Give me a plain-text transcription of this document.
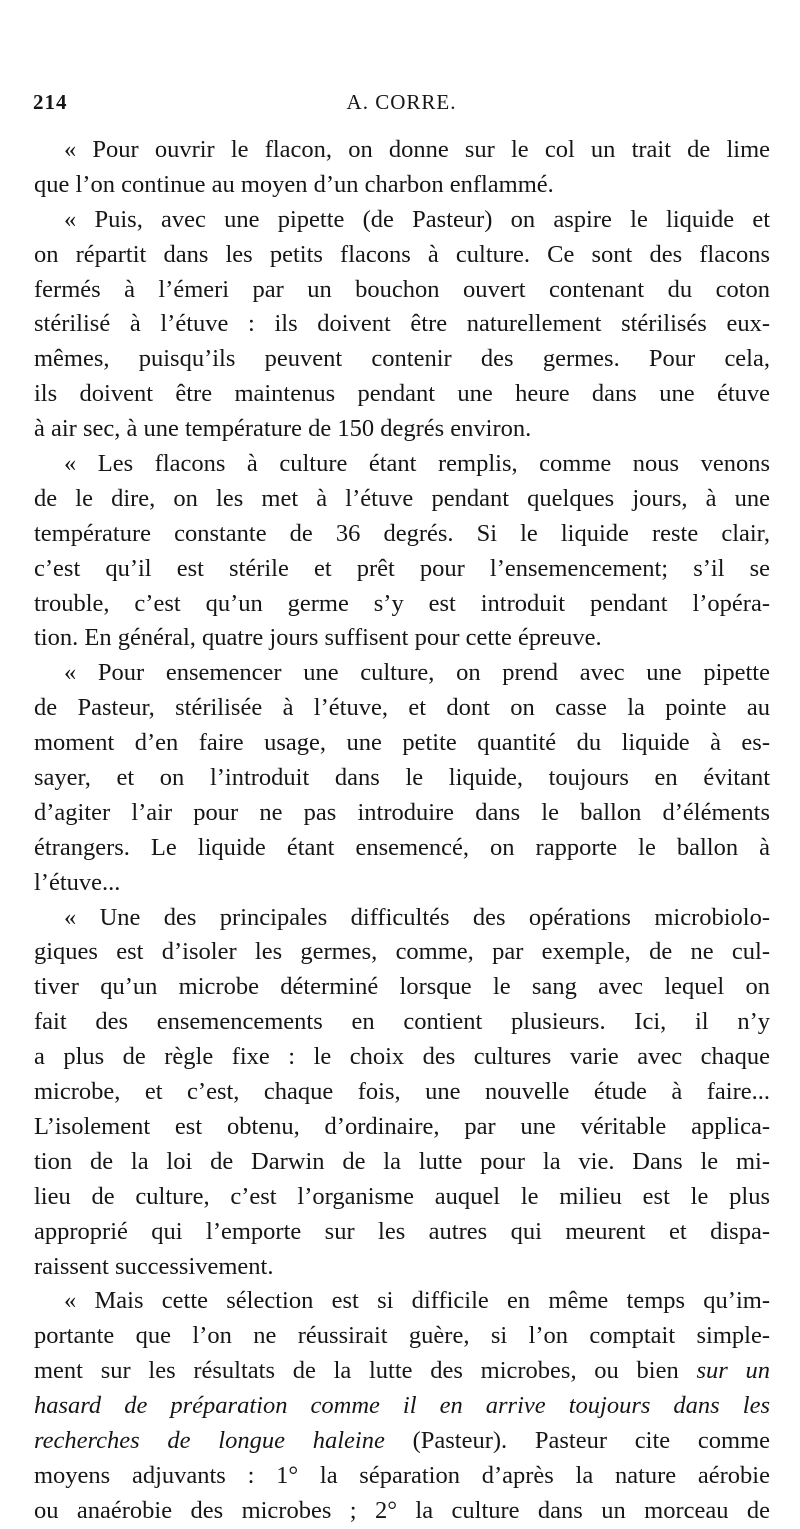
214	A. CORRE.
« Pour ouvrir le flacon, on donne sur le col un trait de lime
que l’on continue au moyen d’un charbon enflammé.
« Puis, avec une pipette (de Pasteur) on aspire le liquide et
on répartit dans les petits flacons à culture. Ce sont des flacons
fermés à l’émeri par un bouchon ouvert contenant du coton
stérilisé à l’étuve : ils doivent être naturellement stérilisés eux-
mêmes, puisqu’ils peuvent contenir des germes. Pour cela,
ils doivent être maintenus pendant une heure dans une étuve
à air sec, à une température de 150 degrés environ.
« Les flacons à culture étant remplis, comme nous venons
de le dire, on les met à l’étuve pendant quelques jours, à une
température constante de 36 degrés. Si le liquide reste clair,
c’est qu’il est stérile et prêt pour l’ensemencement; s’il se
trouble, c’est qu’un germe s’y est introduit pendant l’opéra-
tion. En général, quatre jours suffisent pour cette épreuve.
« Pour ensemencer une culture, on prend avec une pipette
de Pasteur, stérilisée à l’étuve, et dont on casse la pointe au
moment d’en faire usage, une petite quantité du liquide à es-
sayer, et on l’introduit dans le liquide, toujours en évitant
d’agiter l’air pour ne pas introduire dans le ballon d’éléments
étrangers. Le liquide étant ensemencé, on rapporte le ballon à
l’étuve...
« Une des principales difficultés des opérations microbiolo-
giques est d’isoler les germes, comme, par exemple, de ne cul-
tiver qu’un microbe déterminé lorsque le sang avec lequel on
fait des ensemencements en contient plusieurs. Ici, il n’y
a plus de règle fixe : le choix des cultures varie avec chaque
microbe, et c’est, chaque fois, une nouvelle étude à faire...
L’isolement est obtenu, d’ordinaire, par une véritable applica-
tion de la loi de Darwin de la lutte pour la vie. Dans le mi-
lieu de culture, c’est l’organisme auquel le milieu est le plus
approprié qui l’emporte sur les autres qui meurent et dispa-
raissent successivement.
« Mais cette sélection est si difficile en même temps qu’im-
portante que l’on ne réussirait guère, si l’on comptait simple-
ment sur les résultats de la lutte des microbes, ou bien sur un
hasard de préparation comme il en arrive toujours dans les
recherches de longue haleine (Pasteur). Pasteur cite comme
moyens adjuvants : 1° la séparation d’après la nature aérobie
ou anaérobie des microbes ; 2° la culture dans un morceau de
